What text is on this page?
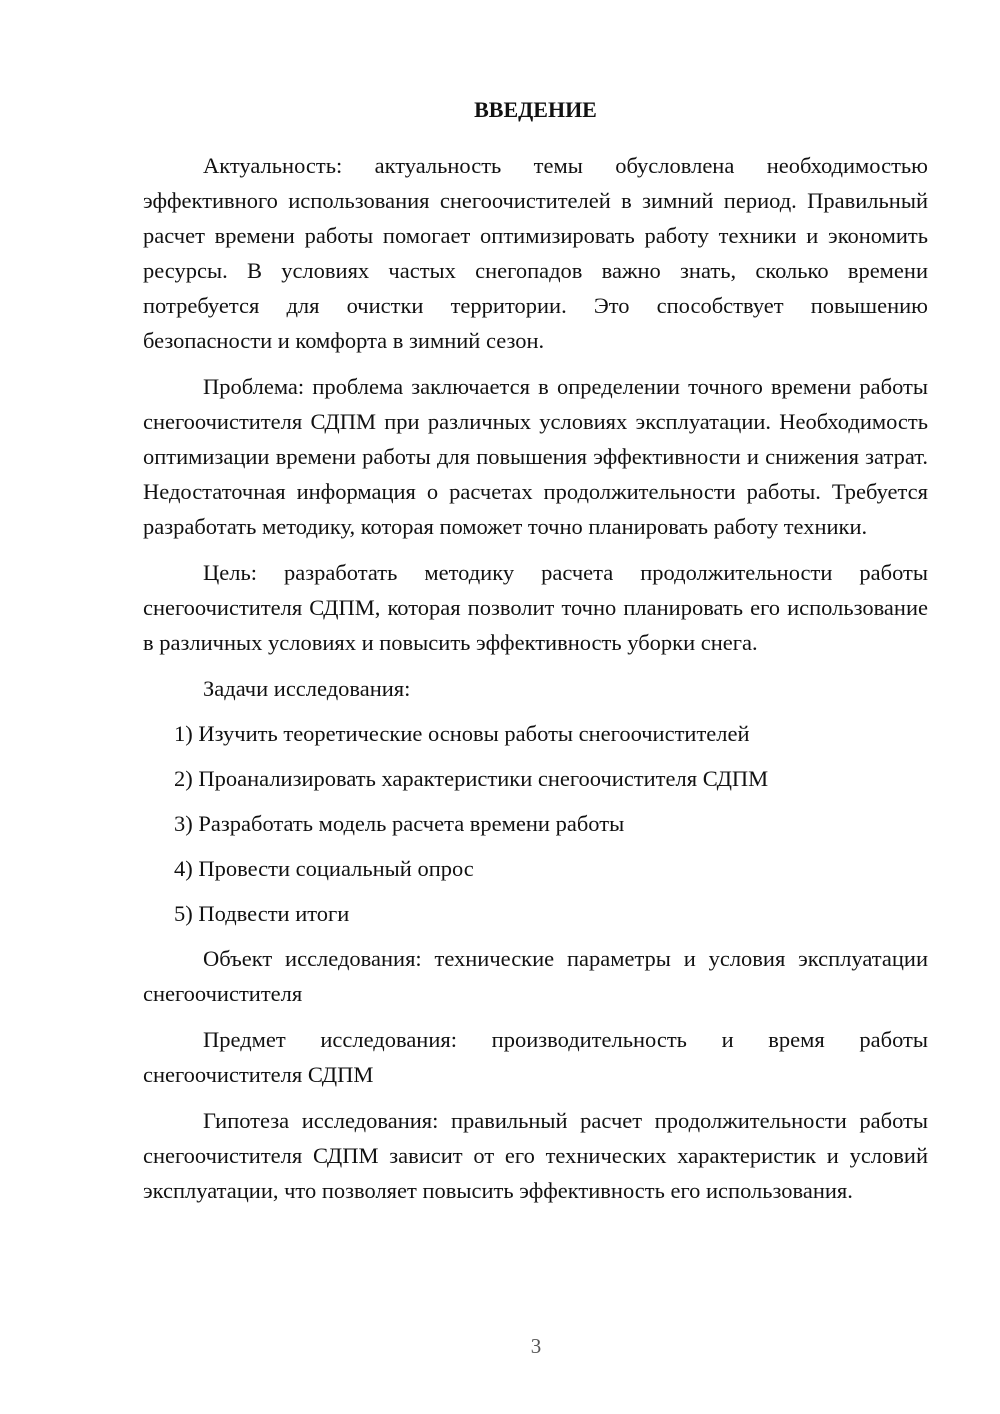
ВВЕДЕНИЕ
Актуальность: актуальность темы обусловлена необходимостью эффективного использования снегоочистителей в зимний период. Правильный расчет времени работы помогает оптимизировать работу техники и экономить ресурсы. В условиях частых снегопадов важно знать, сколько времени потребуется для очистки территории. Это способствует повышению безопасности и комфорта в зимний сезон.
Проблема: проблема заключается в определении точного времени работы снегоочистителя СДПМ при различных условиях эксплуатации. Необходимость оптимизации времени работы для повышения эффективности и снижения затрат. Недостаточная информация о расчетах продолжительности работы. Требуется разработать методику, которая поможет точно планировать работу техники.
Цель: разработать методику расчета продолжительности работы снегоочистителя СДПМ, которая позволит точно планировать его использование в различных условиях и повысить эффективность уборки снега.
Задачи исследования:
1) Изучить теоретические основы работы снегоочистителей
2) Проанализировать характеристики снегоочистителя СДПМ
3) Разработать модель расчета времени работы
4) Провести социальный опрос
5) Подвести итоги
Объект исследования: технические параметры и условия эксплуатации снегоочистителя
Предмет исследования: производительность и время работы снегоочистителя СДПМ
Гипотеза исследования: правильный расчет продолжительности работы снегоочистителя СДПМ зависит от его технических характеристик и условий эксплуатации, что позволяет повысить эффективность его использования.
3
